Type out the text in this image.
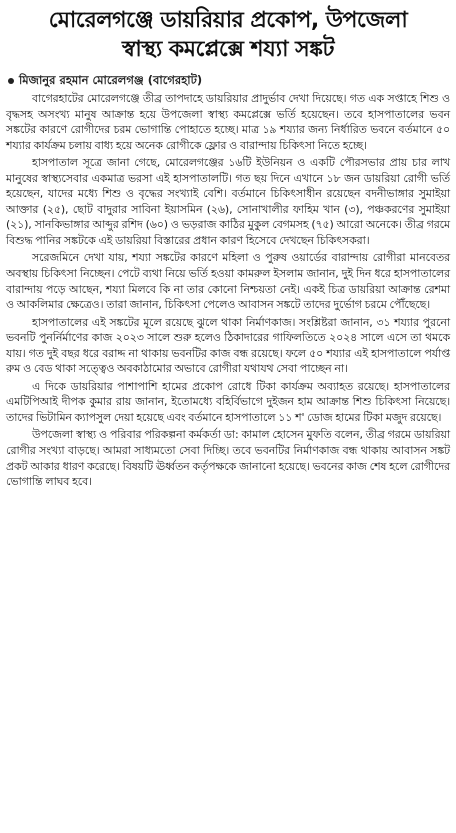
মোরেলগঞ্জে ডায়রিয়ার প্রকোপ, উপজেলা
স্বাস্থ্য কমপ্লেক্সে শয্যা সঙ্কট
মিজানুর রহমান মোরেলগঞ্জ (বাগেরহাট)

বাগেরহাটের মোরেলগঞ্জে তীব্র তাপদাহে ডায়রিয়ার প্রাদুর্ভাব দেখা দিয়েছে। গত এক সপ্তাহে শিশু ও বৃদ্ধসহ অসংখ্য মানুষ আক্রান্ত হয়ে উপজেলা স্বাস্থ্য কমপ্লেক্সে ভর্তি হয়েছেন। তবে হাসপাতালের ভবন সঙ্কটের কারণে রোগীদের চরম ভোগান্তি পোহাতে হচ্ছে। মাত্র ১৯ শয্যার জন্য নির্ধারিত ভবনে বর্তমানে ৫০ শয্যার কার্যক্রম চলায় বাধ্য হয়ে অনেক রোগীকে ফ্লোর ও বারান্দায় চিকিৎসা নিতে হচ্ছে।

হাসপাতাল সূত্রে জানা গেছে, মোরেলগঞ্জের ১৬টি ইউনিয়ন ও একটি পৌরসভার প্রায় চার লাখ মানুষের স্বাস্থ্যসেবার একমাত্র ভরসা এই হাসপাতালটি। গত ছয় দিনে এখানে ১৮ জন ডায়রিয়া রোগী ভর্তি হয়েছেন, যাদের মধ্যে শিশু ও বৃদ্ধের সংখ্যাই বেশি। বর্তমানে চিকিৎসাধীন রয়েছেন বদনীভাঙ্গার সুমাইয়া আক্তার (২৫), ছোট বাদুরার সাবিনা ইয়াসমিন (২৬), সোনাখালীর ফাহিম খান (৩), পঞ্চকরণের সুমাইয়া (২১), সানকিভাঙ্গার আব্দুর রশিদ (৬০) ও ভড়রাজ কাঠির মুকুল বেগমসহ (৭৫) আরো অনেকে। তীব্র গরমে বিশুদ্ধ পানির সঙ্কটকে এই ডায়রিয়া বিস্তারের প্রধান কারণ হিসেবে দেখছেন চিকিৎসকরা।

সরেজমিনে দেখা যায়, শয্যা সঙ্কটের কারণে মহিলা ও পুরুষ ওয়ার্ডের বারান্দায় রোগীরা মানবেতর অবস্থায় চিকিৎসা নিচ্ছেন। পেটে ব্যথা নিয়ে ভর্তি হওয়া কামরুল ইসলাম জানান, দুই দিন ধরে হাসপাতালের বারান্দায় পড়ে আছেন, শয্যা মিলবে কি না তার কোনো নিশ্চয়তা নেই। একই চিত্র ডায়রিয়া আক্রান্ত রেশমা ও আকলিমার ক্ষেত্রেও। তারা জানান, চিকিৎসা পেলেও আবাসন সঙ্কটে তাদের দুর্ভোগ চরমে পৌঁছেছে।

হাসপাতালের এই সঙ্কটের মূলে রয়েছে ঝুলে থাকা নির্মাণকাজ। সংশ্লিষ্টরা জানান, ৩১ শয্যার পুরনো ভবনটি পুনর্নির্মাণের কাজ ২০২৩ সালে শুরু হলেও ঠিকাদারের গাফিলতিতে ২০২৪ সালে এসে তা থমকে যায়। গত দুই বছর ধরে বরাদ্দ না থাকায় ভবনটির কাজ বন্ধ রয়েছে। ফলে ৫০ শয্যার এই হাসপাতালে পর্যাপ্ত রুম ও বেড থাকা সত্ত্বেও অবকাঠামোর অভাবে রোগীরা যথাযথ সেবা পাচ্ছেন না।

এ দিকে ডায়রিয়ার পাশাপাশি হামের প্রকোপ রোধে টিকা কার্যক্রম অব্যাহত রয়েছে। হাসপাতালের এমটিপিআই দীপক কুমার রায় জানান, ইতোমধ্যে বহির্বিভাগে দুইজন হাম আক্রান্ত শিশু চিকিৎসা নিয়েছে। তাদের ভিটামিন ক্যাপসুল দেয়া হয়েছে এবং বর্তমানে হাসপাতালে ১১ শ' ডোজ হামের টিকা মজুদ রয়েছে।

উপজেলা স্বাস্থ্য ও পরিবার পরিকল্পনা কর্মকর্তা ডা: কামাল হোসেন মুফতি বলেন, তীব্র গরমে ডায়রিয়া রোগীর সংখ্যা বাড়ছে। আমরা সাধ্যমতো সেবা দিচ্ছি। তবে ভবনটির নির্মাণকাজ বন্ধ থাকায় আবাসন সঙ্কট প্রকট আকার ধারণ করেছে। বিষয়টি ঊর্ধ্বতন কর্তৃপক্ষকে জানানো হয়েছে। ভবনের কাজ শেষ হলে রোগীদের ভোগান্তি লাঘব হবে।
